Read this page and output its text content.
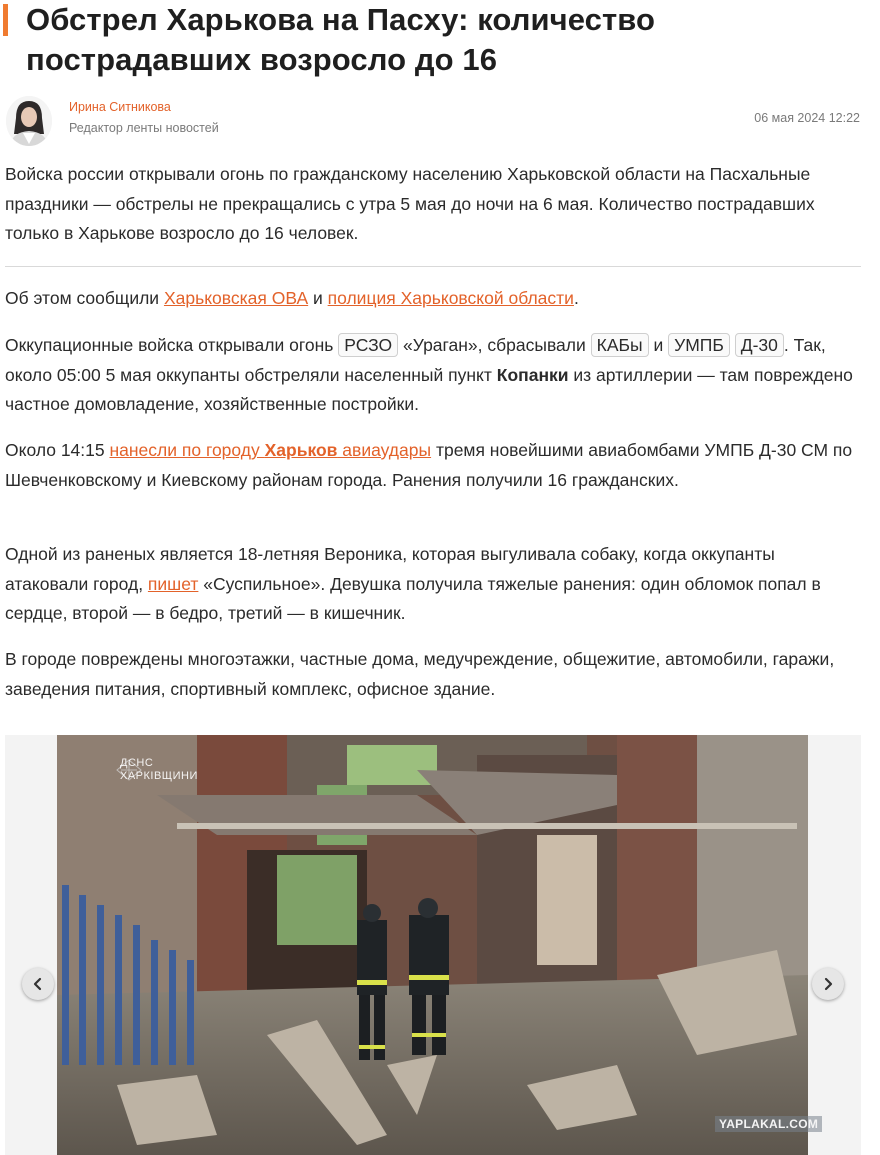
Обстрел Харькова на Пасху: количество пострадавших возросло до 16
Ирина Ситникова
Редактор ленты новостей
06 мая 2024 12:22

Войска россии открывали огонь по гражданскому населению Харьковской области на Пасхальные праздники — обстрелы не прекращались с утра 5 мая до ночи на 6 мая. Количество пострадавших только в Харькове возросло до 16 человек.

Об этом сообщили Харьковская ОВА и полиция Харьковской области.

Оккупационные войска открывали огонь РСЗО «Ураган», сбрасывали КАБы и УМПБ Д-30 . Так, около 05:00 5 мая оккупанты обстреляли населенный пункт Копанки из артиллерии — там повреждено частное домовладение, хозяйственные постройки.

Около 14:15 нанесли по городу Харьков авиаудары тремя новейшими авиабомбами УМПБ Д-30 СМ по Шевченковскому и Киевскому районам города. Ранения получили 16 гражданских.

Одной из раненых является 18-летняя Вероника, которая выгуливала собаку, когда оккупанты атаковали город, пишет «Суспильное». Девушка получила тяжелые ранения: один обломок попал в сердце, второй — в бедро, третий — в кишечник.

В городе повреждены многоэтажки, частные дома, медучреждение, общежитие, автомобили, гаражи, заведения питания, спортивный комплекс, офисное здание.

ДСНС
ХАРКІВЩИНИ
YAPLAKAL.COM
